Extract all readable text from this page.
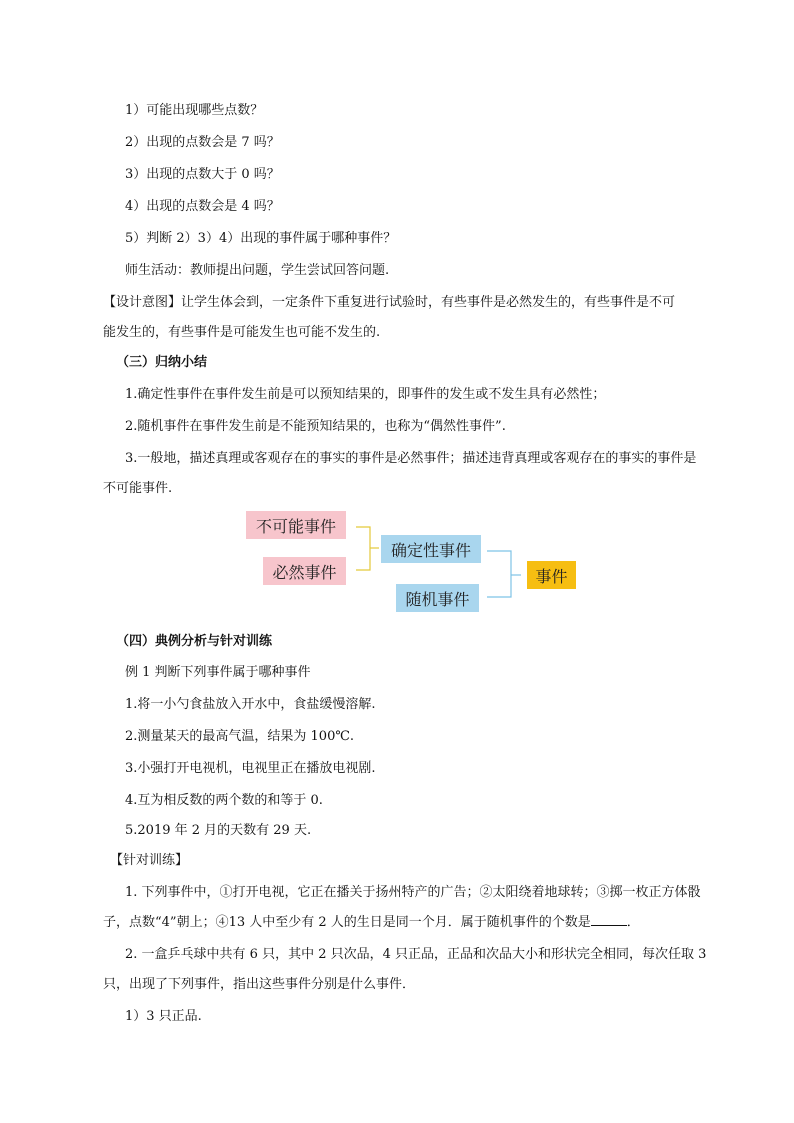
1）可能出现哪些点数？
2）出现的点数会是 7 吗？
3）出现的点数大于 0 吗？
4）出现的点数会是 4 吗？
5）判断 2）3）4）出现的事件属于哪种事件？
师生活动：教师提出问题，学生尝试回答问题.
【设计意图】让学生体会到，一定条件下重复进行试验时，有些事件是必然发生的，有些事件是不可
能发生的，有些事件是可能发生也可能不发生的.
（三）归纳小结
1.确定性事件在事件发生前是可以预知结果的，即事件的发生或不发生具有必然性；
2.随机事件在事件发生前是不能预知结果的，也称为“偶然性事件”.
3.一般地，描述真理或客观存在的事实的事件是必然事件；描述违背真理或客观存在的事实的事件是
不可能事件.
不可能事件
必然事件
确定性事件
随机事件
事件
（四）典例分析与针对训练
例 1 判断下列事件属于哪种事件
1.将一小勺食盐放入开水中，食盐缓慢溶解.
2.测量某天的最高气温，结果为 100℃.
3.小强打开电视机，电视里正在播放电视剧.
4.互为相反数的两个数的和等于 0.
5.2019 年 2 月的天数有 29 天.
【针对训练】
1. 下列事件中，①打开电视，它正在播关于扬州特产的广告；②太阳绕着地球转；③掷一枚正方体骰
子，点数“4”朝上；④13 人中至少有 2 人的生日是同一个月．属于随机事件的个数是	．
2. 一盒乒乓球中共有 6 只，其中 2 只次品，4 只正品，正品和次品大小和形状完全相同，每次任取 3
只，出现了下列事件，指出这些事件分别是什么事件．
1）3 只正品.
